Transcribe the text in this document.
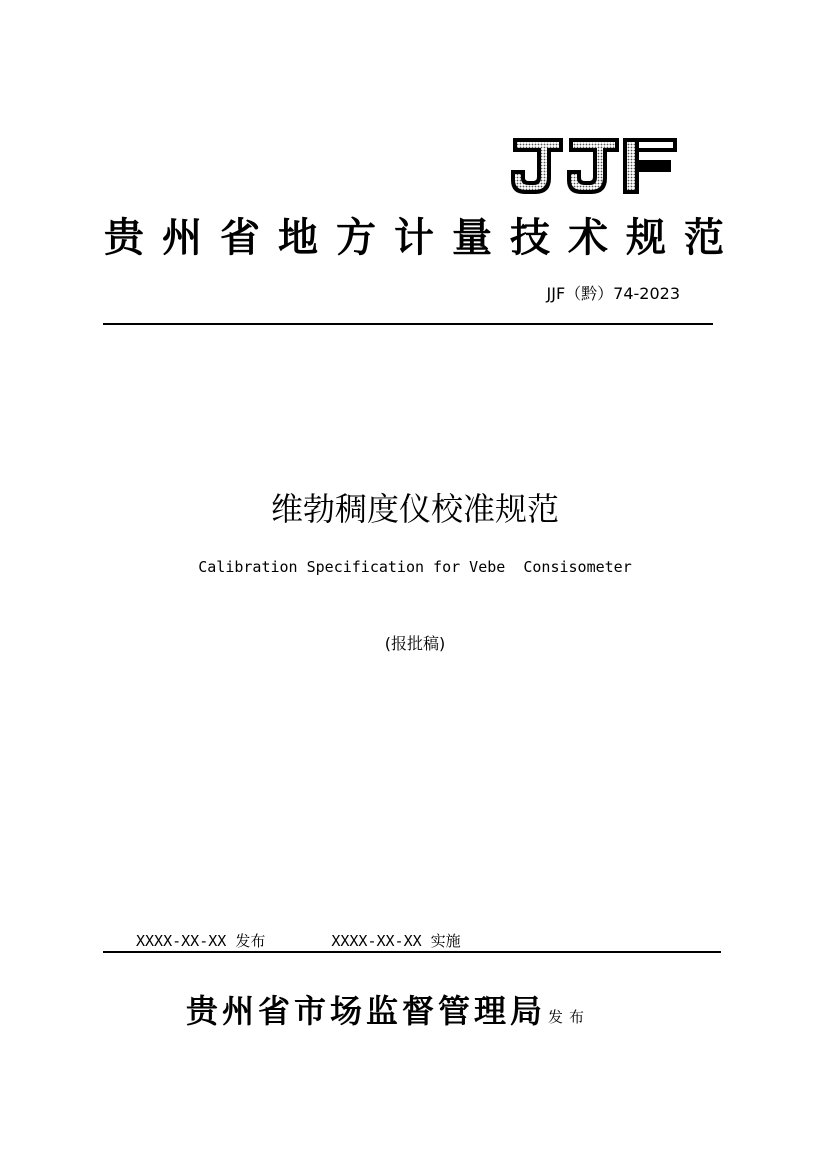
贵州省地方计量技术规范
JJF（黔）74-2023
维勃稠度仪校准规范
Calibration Specification for Vebe  Consisometer
(报批稿)
XXXX-XX-XX 发布	XXXX-XX-XX 实施
贵州省市场监督管理局 发布
